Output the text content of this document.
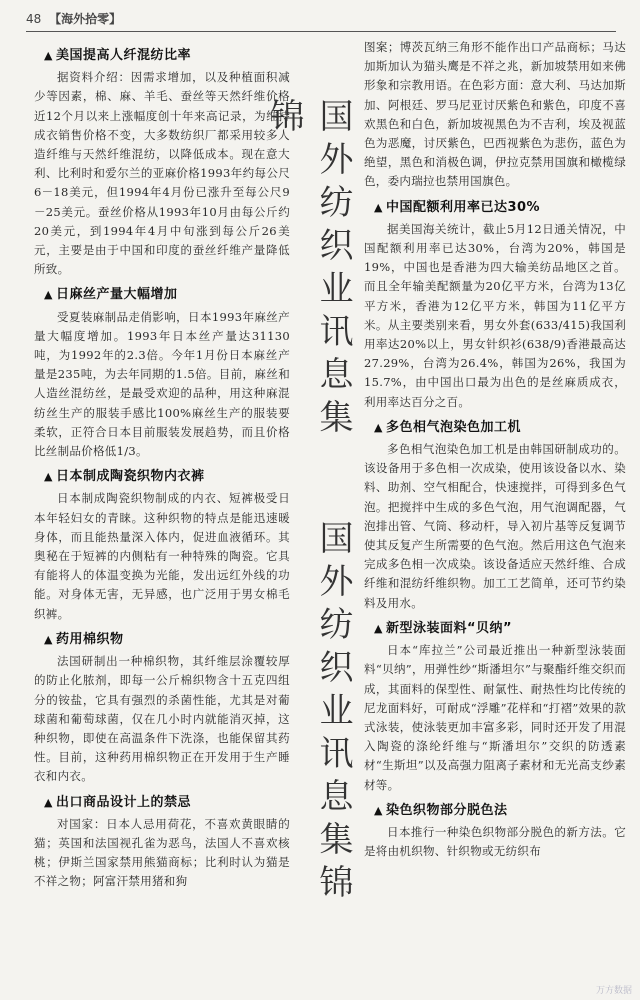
48 【海外拾零】
▲ 美国提高人纤混纺比率

据资料介绍：因需求增加，以及种植面积减少等因素，棉、麻、羊毛、蚕丝等天然纤维价格近12个月以来上涨幅度创十年来高记录，为维持成衣销售价格不变，大多数纺织厂都采用较多人造纤维与天然纤维混纺，以降低成本。现在意大利、比利时和爱尔兰的亚麻价格1993年约每公尺6－18美元，但1994年4月份已涨升至每公尺9－25美元。蚕丝价格从1993年10月由每公斤约20美元，到1994年4月中旬涨到每公斤26美元，主要是由于中国和印度的蚕丝纤维产量降低所致。

▲ 日麻丝产量大幅增加

受夏装麻制品走俏影响，日本1993年麻丝产量大幅度增加。1993年日本丝产量达31130吨，为1992年的2.3倍。今年1月份日本麻丝产量是235吨，为去年同期的1.5倍。目前，麻丝和人造丝混纺丝，是最受欢迎的品种，用这种麻混纺丝生产的服装手感比100%麻丝生产的服装要柔软，正符合日本目前服装发展趋势，而且价格比丝制品价格低1/3。

▲ 日本制成陶瓷织物内衣裤

日本制成陶瓷织物制成的内衣、短裤极受日本年轻妇女的青睐。这种织物的特点是能迅速暖身体，而且能热量深入体内，促进血液循环。其奥秘在于短裤的内侧粘有一种特殊的陶瓷。它具有能将人的体温变换为光能，发出远红外线的功能。对身体无害，无异感，也广泛用于男女棉毛织裤。

▲ 药用棉织物

法国研制出一种棉织物，其纤维层涂覆较厚的防止化脓剂，即每一公斤棉织物含十五克四组分的铵盐，它具有强烈的杀菌性能，尤其是对葡球菌和葡萄球菌，仅在几小时内就能消灭掉，这种织物，即使在高温条件下洗涤，也能保留其药性。目前，这种药用棉织物正在开发用于生产睡衣和内衣。

▲ 出口商品设计上的禁忌

对国家：日本人忌用荷花，不喜欢黄眼睛的猫；英国和法国视孔雀为恶鸟，法国人不喜欢核桃；伊斯兰国家禁用熊猫商标；比利时认为猫是不祥之物；阿富汗禁用猪和狗

国外纺织业讯息集锦
国外纺织业讯息集锦

图案；博茨瓦纳三角形不能作出口产品商标；马达加斯加认为猫头鹰是不祥之兆，新加坡禁用如来佛形象和宗教用语。在色彩方面：意大利、马达加斯加、阿根廷、罗马尼亚讨厌紫色和紫色，印度不喜欢黑色和白色，新加坡视黑色为不吉利，埃及视蓝色为恶魔，讨厌紫色，巴西视紫色为悲伤，蓝色为绝望，黑色和消极色调，伊拉克禁用国旗和橄榄绿色，委内瑞拉也禁用国旗色。

▲ 中国配额利用率已达30%

据美国海关统计，截止5月12日通关情况，中国配额利用率已达30%，台湾为20%，韩国是19%，中国也是香港为四大输美纺品地区之首。而且全年输美配额量为20亿平方米，台湾为13亿平方米，香港为12亿平方米，韩国为11亿平方米。从主要类别来看，男女外套(633/415)我国利用率达20%以上，男女针织衫(638/9)香港最高达27.29%，台湾为26.4%，韩国为26%，我国为15.7%，由中国出口最为出色的是丝麻质成衣，利用率达百分之百。

▲ 多色相气泡染色加工机

多色相气泡染色加工机是由韩国研制成功的。该设备用于多色相一次成染，使用该设备以水、染料、助剂、空气相配合，快速搅拌，可得到多色气泡。把搅拌中生成的多色气泡，用气泡调配器，气泡排出管、气筒、移动杆，导入初片基等反复调节使其反复产生所需要的色气泡。然后用这色气泡来完成多色相一次成染。该设备适应天然纤维、合成纤维和混纺纤维织物。加工工艺简单，还可节约染料及用水。

▲ 新型泳装面料“贝纳”

日本“库拉兰”公司最近推出一种新型泳装面料“贝纳”，用弹性纱“斯潘坦尔”与聚酯纤维交织而成，其面料的保型性、耐氯性、耐热性均比传统的尼龙面料好，可耐成“浮雕”花样和“打褶”效果的款式泳装，使泳装更加丰富多彩，同时还开发了用混入陶瓷的涤纶纤维与“斯潘坦尔”交织的防透素材“生斯坦”以及高强力阻离子素材和无光高支纱素材等。

▲ 染色织物部分脱色法

日本推行一种染色织物部分脱色的新方法。它是将由机织物、针织物或无纺织布

万方数据
